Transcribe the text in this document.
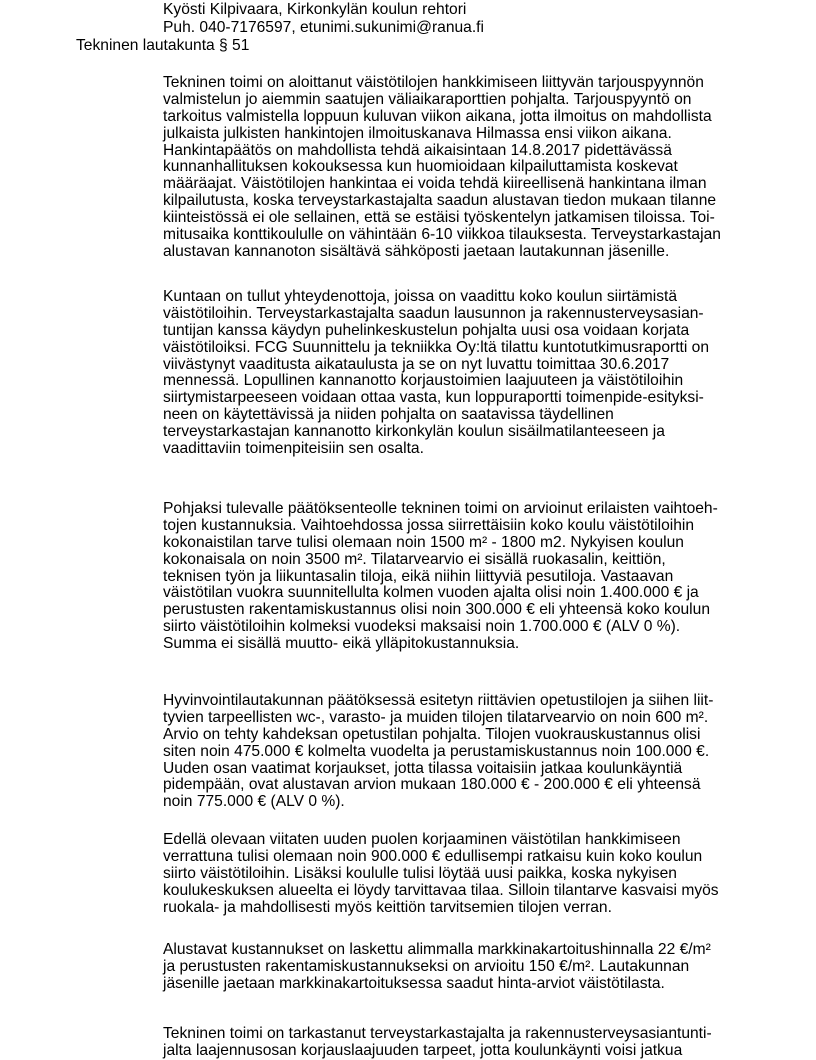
Kyösti Kilpivaara, Kirkonkylän koulun rehtori
Puh. 040-7176597, etunimi.sukunimi@ranua.fi
Tekninen lautakunta § 51
Tekninen toimi on aloittanut väistötilojen hankkimiseen liittyvän tarjouspyynnön
valmistelun jo aiemmin saatujen väliaikaraporttien pohjalta. Tarjouspyyntö on
tarkoitus valmistella loppuun kuluvan viikon aikana, jotta ilmoitus on mahdollista
julkaista julkisten hankintojen ilmoituskanava Hilmassa ensi viikon aikana.
Hankintapäätös on mahdollista tehdä aikaisintaan 14.8.2017 pidettävässä
kunnanhallituksen kokouksessa kun huomioidaan kilpailuttamista koskevat
määräajat. Väistötilojen hankintaa ei voida tehdä kiireellisenä hankintana ilman
kilpailutusta, koska terveystarkastajalta saadun alustavan tiedon mukaan tilanne
kiinteistössä ei ole sellainen, että se estäisi työskentelyn jatkamisen tiloissa. Toi-
mitusaika konttikoululle on vähintään 6-10 viikkoa tilauksesta. Terveystarkastajan
alustavan kannanoton sisältävä sähköposti jaetaan lautakunnan jäsenille.
Kuntaan on tullut yhteydenottoja, joissa on vaadittu koko koulun siirtämistä
väistötiloihin. Terveystarkastajalta saadun lausunnon ja rakennusterveysasian-
tuntijan kanssa käydyn puhelinkeskustelun pohjalta uusi osa voidaan korjata
väistötiloiksi. FCG Suunnittelu ja tekniikka Oy:ltä tilattu kuntotutkimusraportti on
viivästynyt vaaditusta aikataulusta ja se on nyt luvattu toimittaa 30.6.2017
mennessä. Lopullinen kannanotto korjaustoimien laajuuteen ja väistötiloihin
siirtymistarpeeseen voidaan ottaa vasta, kun loppuraportti toimenpide-esityksi-
neen on käytettävissä ja niiden pohjalta on saatavissa täydellinen
terveystarkastajan kannanotto kirkonkylän koulun sisäilmatilanteeseen ja
vaadittaviin toimenpiteisiin sen osalta.
Pohjaksi tulevalle päätöksenteolle tekninen toimi on arvioinut erilaisten vaihtoeh-
tojen kustannuksia. Vaihtoehdossa jossa siirrettäisiin koko koulu väistötiloihin
kokonaistilan tarve tulisi olemaan noin 1500 m² - 1800 m2. Nykyisen koulun
kokonaisala on noin 3500 m². Tilatarvearvio ei sisällä ruokasalin, keittiön,
teknisen työn ja liikuntasalin tiloja, eikä niihin liittyviä pesutiloja. Vastaavan
väistötilan vuokra suunnitellulta kolmen vuoden ajalta olisi noin 1.400.000 € ja
perustusten rakentamiskustannus olisi noin 300.000 € eli yhteensä koko koulun
siirto väistötiloihin kolmeksi vuodeksi maksaisi noin 1.700.000 € (ALV 0 %).
Summa ei sisällä muutto- eikä ylläpitokustannuksia.
Hyvinvointilautakunnan päätöksessä esitetyn riittävien opetustilojen ja siihen liit-
tyvien tarpeellisten wc-, varasto- ja muiden tilojen tilatarvearvio on noin 600 m².
Arvio on tehty kahdeksan opetustilan pohjalta. Tilojen vuokrauskustannus olisi
siten noin 475.000 € kolmelta vuodelta ja perustamiskustannus noin 100.000 €.
Uuden osan vaatimat korjaukset, jotta tilassa voitaisiin jatkaa koulunkäyntiä
pidempään, ovat alustavan arvion mukaan 180.000 € - 200.000 € eli yhteensä
noin 775.000 € (ALV 0 %).
Edellä olevaan viitaten uuden puolen korjaaminen väistötilan hankkimiseen
verrattuna tulisi olemaan noin 900.000 € edullisempi ratkaisu kuin koko koulun
siirto väistötiloihin. Lisäksi koululle tulisi löytää uusi paikka, koska nykyisen
koulukeskuksen alueelta ei löydy tarvittavaa tilaa. Silloin tilantarve kasvaisi myös
ruokala- ja mahdollisesti myös keittiön tarvitsemien tilojen verran.
Alustavat kustannukset on laskettu alimmalla markkinakartoitushinnalla 22 €/m²
ja perustusten rakentamiskustannukseksi on arvioitu 150 €/m². Lautakunnan
jäsenille jaetaan markkinakartoituksessa saadut hinta-arviot väistötilasta.
Tekninen toimi on tarkastanut terveystarkastajalta ja rakennusterveysasiantunti-
jalta laajennusosan korjauslaajuuden tarpeet, jotta koulunkäynti voisi jatkua
